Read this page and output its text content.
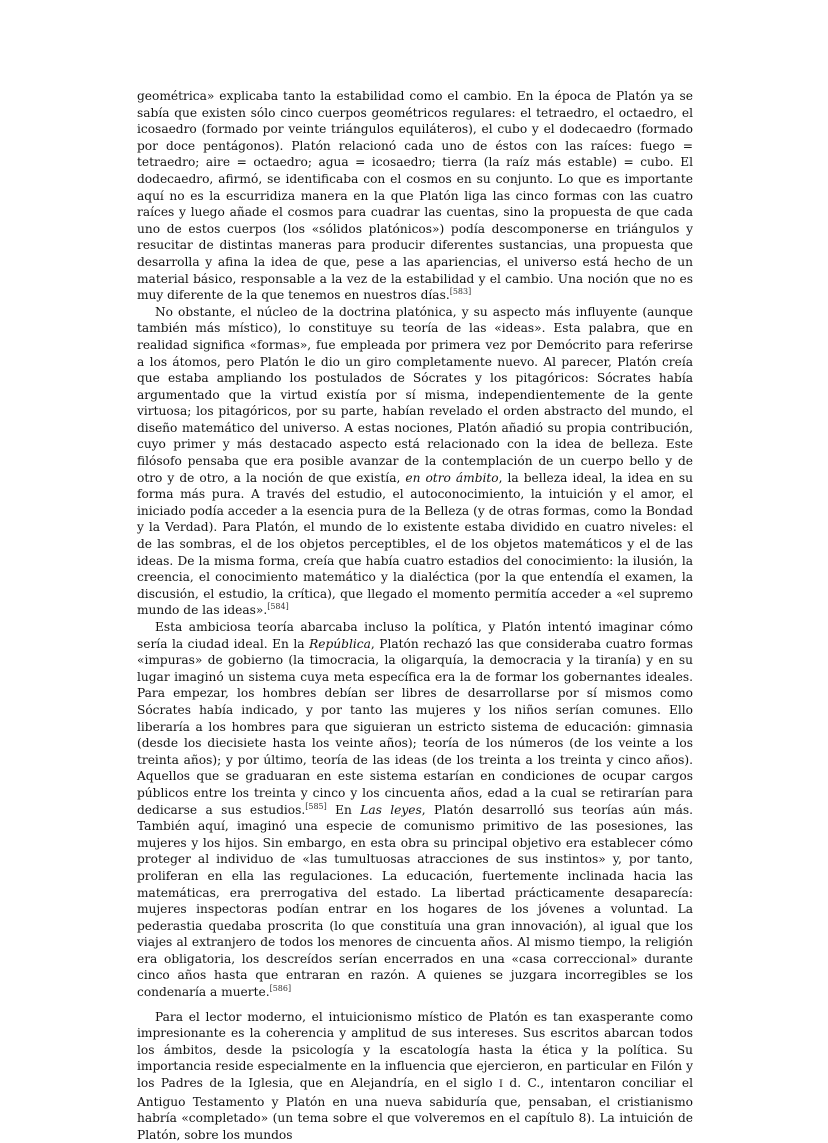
geométrica» explicaba tanto la estabilidad como el cambio. En la época de Platón ya se sabía que existen sólo cinco cuerpos geométricos regulares: el tetraedro, el octaedro, el icosaedro (formado por veinte triángulos equiláteros), el cubo y el dodecaedro (formado por doce pentágonos). Platón relacionó cada uno de éstos con las raíces: fuego = tetraedro; aire = octaedro; agua = icosaedro; tierra (la raíz más estable) = cubo. El dodecaedro, afirmó, se identificaba con el cosmos en su conjunto. Lo que es importante aquí no es la escurridiza manera en la que Platón liga las cinco formas con las cuatro raíces y luego añade el cosmos para cuadrar las cuentas, sino la propuesta de que cada uno de estos cuerpos (los «sólidos platónicos») podía descomponerse en triángulos y resucitar de distintas maneras para producir diferentes sustancias, una propuesta que desarrolla y afina la idea de que, pese a las apariencias, el universo está hecho de un material básico, responsable a la vez de la estabilidad y el cambio. Una noción que no es muy diferente de la que tenemos en nuestros días.[583]

No obstante, el núcleo de la doctrina platónica, y su aspecto más influyente (aunque también más místico), lo constituye su teoría de las «ideas». Esta palabra, que en realidad significa «formas», fue empleada por primera vez por Demócrito para referirse a los átomos, pero Platón le dio un giro completamente nuevo. Al parecer, Platón creía que estaba ampliando los postulados de Sócrates y los pitagóricos: Sócrates había argumentado que la virtud existía por sí misma, independientemente de la gente virtuosa; los pitagóricos, por su parte, habían revelado el orden abstracto del mundo, el diseño matemático del universo. A estas nociones, Platón añadió su propia contribución, cuyo primer y más destacado aspecto está relacionado con la idea de belleza. Este filósofo pensaba que era posible avanzar de la contemplación de un cuerpo bello y de otro y de otro, a la noción de que existía, en otro ámbito, la belleza ideal, la idea en su forma más pura. A través del estudio, el autoconocimiento, la intuición y el amor, el iniciado podía acceder a la esencia pura de la Belleza (y de otras formas, como la Bondad y la Verdad). Para Platón, el mundo de lo existente estaba dividido en cuatro niveles: el de las sombras, el de los objetos perceptibles, el de los objetos matemáticos y el de las ideas. De la misma forma, creía que había cuatro estadios del conocimiento: la ilusión, la creencia, el conocimiento matemático y la dialéctica (por la que entendía el examen, la discusión, el estudio, la crítica), que llegado el momento permitía acceder a «el supremo mundo de las ideas».[584]

Esta ambiciosa teoría abarcaba incluso la política, y Platón intentó imaginar cómo sería la ciudad ideal. En la República, Platón rechazó las que consideraba cuatro formas «impuras» de gobierno (la timocracia, la oligarquía, la democracia y la tiranía) y en su lugar imaginó un sistema cuya meta específica era la de formar los gobernantes ideales. Para empezar, los hombres debían ser libres de desarrollarse por sí mismos como Sócrates había indicado, y por tanto las mujeres y los niños serían comunes. Ello liberaría a los hombres para que siguieran un estricto sistema de educación: gimnasia (desde los diecisiete hasta los veinte años); teoría de los números (de los veinte a los treinta años); y por último, teoría de las ideas (de los treinta a los treinta y cinco años). Aquellos que se graduaran en este sistema estarían en condiciones de ocupar cargos públicos entre los treinta y cinco y los cincuenta años, edad a la cual se retirarían para dedicarse a sus estudios.[585] En Las leyes, Platón desarrolló sus teorías aún más. También aquí, imaginó una especie de comunismo primitivo de las posesiones, las mujeres y los hijos. Sin embargo, en esta obra su principal objetivo era establecer cómo proteger al individuo de «las tumultuosas atracciones de sus instintos» y, por tanto, proliferan en ella las regulaciones. La educación, fuertemente inclinada hacia las matemáticas, era prerrogativa del estado. La libertad prácticamente desaparecía: mujeres inspectoras podían entrar en los hogares de los jóvenes a voluntad. La pederastia quedaba proscrita (lo que constituía una gran innovación), al igual que los viajes al extranjero de todos los menores de cincuenta años. Al mismo tiempo, la religión era obligatoria, los descreídos serían encerrados en una «casa correccional» durante cinco años hasta que entraran en razón. A quienes se juzgara incorregibles se los condenaría a muerte.[586]

Para el lector moderno, el intuicionismo místico de Platón es tan exasperante como impresionante es la coherencia y amplitud de sus intereses. Sus escritos abarcan todos los ámbitos, desde la psicología y la escatología hasta la ética y la política. Su importancia reside especialmente en la influencia que ejercieron, en particular en Filón y los Padres de la Iglesia, que en Alejandría, en el siglo I d. C., intentaron conciliar el Antiguo Testamento y Platón en una nueva sabiduría que, pensaban, el cristianismo habría «completado» (un tema sobre el que volveremos en el capítulo 8). La intuición de Platón, sobre los mundos
